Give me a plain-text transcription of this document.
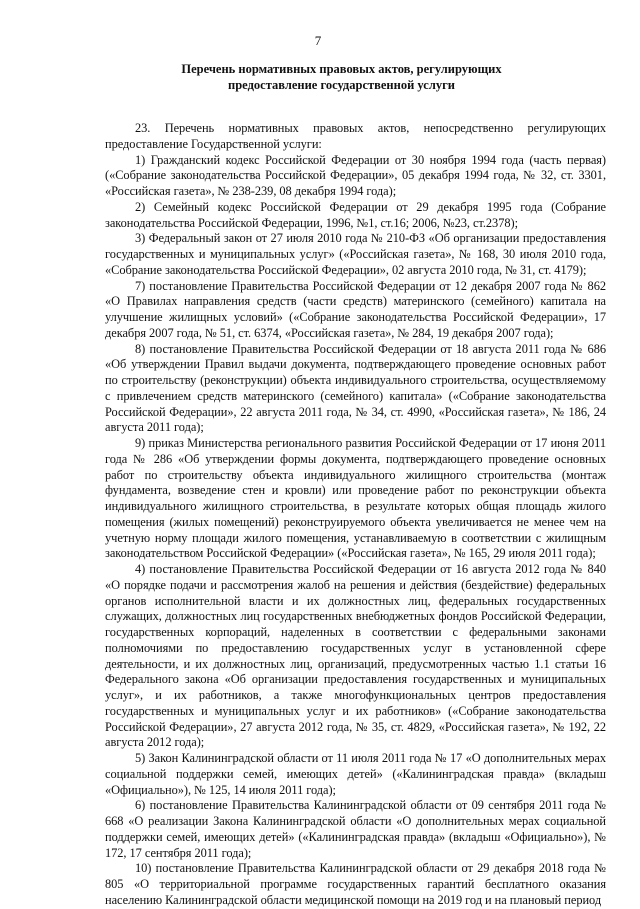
7
Перечень нормативных правовых актов, регулирующих
предоставление государственной услуги

23. Перечень нормативных правовых актов, непосредственно регулирующих предоставление Государственной услуги:

1) Гражданский кодекс Российской Федерации от 30 ноября 1994 года (часть первая) («Собрание законодательства Российской Федерации», 05 декабря 1994 года, № 32, ст. 3301, «Российская газета», № 238-239, 08 декабря 1994 года);

2) Семейный кодекс Российской Федерации от 29 декабря 1995 года (Собрание законодательства Российской Федерации, 1996, №1, ст.16; 2006, №23, ст.2378);

3) Федеральный закон от 27 июля 2010 года № 210-ФЗ «Об организации предоставления государственных и муниципальных услуг» («Российская газета», № 168, 30 июля 2010 года, «Собрание законодательства Российской Федерации», 02 августа 2010 года, № 31, ст. 4179);

7) постановление Правительства Российской Федерации от 12 декабря 2007 года № 862 «О Правилах направления средств (части средств) материнского (семейного) капитала на улучшение жилищных условий» («Собрание законодательства Российской Федерации», 17 декабря 2007 года, № 51, ст. 6374, «Российская газета», № 284, 19 декабря 2007 года);

8) постановление Правительства Российской Федерации от 18 августа 2011 года № 686 «Об утверждении Правил выдачи документа, подтверждающего проведение основных работ по строительству (реконструкции) объекта индивидуального строительства, осуществляемому с привлечением средств материнского (семейного) капитала» («Собрание законодательства Российской Федерации», 22 августа 2011 года, № 34, ст. 4990, «Российская газета», № 186, 24 августа 2011 года);

9) приказ Министерства регионального развития Российской Федерации от 17 июня 2011 года № 286 «Об утверждении формы документа, подтверждающего проведение основных работ по строительству объекта индивидуального жилищного строительства (монтаж фундамента, возведение стен и кровли) или проведение работ по реконструкции объекта индивидуального жилищного строительства, в результате которых общая площадь жилого помещения (жилых помещений) реконструируемого объекта увеличивается не менее чем на учетную норму площади жилого помещения, устанавливаемую в соответствии с жилищным законодательством Российской Федерации» («Российская газета», № 165, 29 июля 2011 года);

4) постановление Правительства Российской Федерации от 16 августа 2012 года № 840 «О порядке подачи и рассмотрения жалоб на решения и действия (бездействие) федеральных органов исполнительной власти и их должностных лиц, федеральных государственных служащих, должностных лиц государственных внебюджетных фондов Российской Федерации, государственных корпораций, наделенных в соответствии с федеральными законами полномочиями по предоставлению государственных услуг в установленной сфере деятельности, и их должностных лиц, организаций, предусмотренных частью 1.1 статьи 16 Федерального закона «Об организации предоставления государственных и муниципальных услуг», и их работников, а также многофункциональных центров предоставления государственных и муниципальных услуг и их работников» («Собрание законодательства Российской Федерации», 27 августа 2012 года, № 35, ст. 4829, «Российская газета», № 192, 22 августа 2012 года);

5) Закон Калининградской области от 11 июля 2011 года № 17 «О дополнительных мерах социальной поддержки семей, имеющих детей» («Калининградская правда» (вкладыш «Официально»), № 125, 14 июля 2011 года);

6) постановление Правительства Калининградской области от 09 сентября 2011 года № 668 «О реализации Закона Калининградской области «О дополнительных мерах социальной поддержки семей, имеющих детей» («Калининградская правда» (вкладыш «Официально»), № 172, 17 сентября 2011 года);

10) постановление Правительства Калининградской области от 29 декабря 2018 года № 805 «О территориальной программе государственных гарантий бесплатного оказания населению Калининградской области медицинской помощи на 2019 год и на плановый период
